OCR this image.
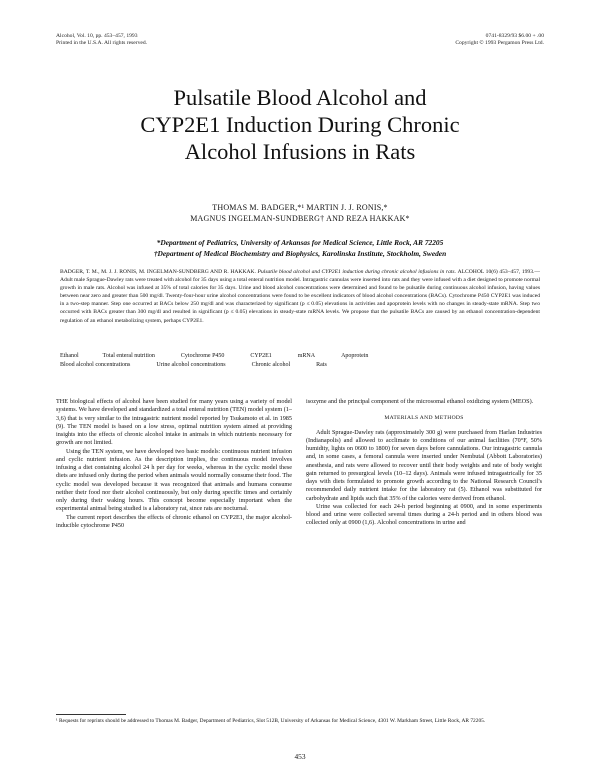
Alcohol, Vol. 10, pp. 453–457, 1993
Printed in the U.S.A. All rights reserved.
0741-8329/93 $6.00 + .00
Copyright © 1993 Pergamon Press Ltd.
Pulsatile Blood Alcohol and
CYP2E1 Induction During Chronic
Alcohol Infusions in Rats
THOMAS M. BADGER,*¹ MARTIN J. J. RONIS,*
MAGNUS INGELMAN-SUNDBERG† AND REZA HAKKAK*
*Department of Pediatrics, University of Arkansas for Medical Science, Little Rock, AR 72205
†Department of Medical Biochemistry and Biophysics, Karolinska Institute, Stockholm, Sweden
BADGER, T. M., M. J. J. RONIS, M. INGELMAN-SUNDBERG AND R. HAKKAK. Pulsatile blood alcohol and CYP2E1 induction during chronic alcohol infusions in rats. ALCOHOL 10(6) 453–457, 1993.—Adult male Sprague-Dawley rats were treated with alcohol for 35 days using a total enteral nutrition model. Intragastric cannulas were inserted into rats and they were infused with a diet designed to promote normal growth in male rats. Alcohol was infused at 35% of total calories for 35 days. Urine and blood alcohol concentrations were determined and found to be pulsatile during continuous alcohol infusion, having values between near zero and greater than 500 mg/dl. Twenty-four-hour urine alcohol concentrations were found to be excellent indicators of blood alcohol concentrations (BACs). Cytochrome P450 CYP2E1 was induced in a two-step manner. Step one occurred at BACs below 250 mg/dl and was characterized by significant (p ≤ 0.05) elevations in activities and apoprotein levels with no changes in steady-state mRNA. Step two occurred with BACs greater than 300 mg/dl and resulted in significant (p ≤ 0.05) elevations in steady-state mRNA levels. We propose that the pulsatile BACs are caused by an ethanol concentration-dependent regulation of an ethanol metabolizing system, perhaps CYP2E1.
Ethanol	Total enteral nutrition	Cytochrome P450	CYP2E1	mRNA	Apoprotein
Blood alcohol concentrations	Urine alcohol concentrations	Chronic alcohol	Rats

THE biological effects of alcohol have been studied for many years using a variety of model systems. We have developed and standardized a total enteral nutrition (TEN) model system (1–3,6) that is very similar to the intragastric nutrient model reported by Tsukamoto et al. in 1985 (9). The TEN model is based on a low stress, optimal nutrition system aimed at providing insights into the effects of chronic alcohol intake in animals in which nutrients necessary for growth are not limited.

Using the TEN system, we have developed two basic models: continuous nutrient infusion and cyclic nutrient infusion. As the description implies, the continuous model involves infusing a diet containing alcohol 24 h per day for weeks, whereas in the cyclic model these diets are infused only during the period when animals would normally consume their food. The cyclic model was developed because it was recognized that animals and humans consume neither their food nor their alcohol continuously, but only during specific times and certainly only during their waking hours. This concept become especially important when the experimental animal being studied is a laboratory rat, since rats are nocturnal.

The current report describes the effects of chronic ethanol on CYP2E1, the major alcohol-inducible cytochrome P450

isozyme and the principal component of the microsomal ethanol oxidizing system (MEOS).

MATERIALS AND METHODS

Adult Sprague-Dawley rats (approximately 300 g) were purchased from Harlan Industries (Indianapolis) and allowed to acclimate to conditions of our animal facilities (70°F, 50% humidity, lights on 0600 to 1800) for seven days before cannulations. Our intragastric cannula and, in some cases, a femoral cannula were inserted under Nembutal (Abbott Laboratories) anesthesia, and rats were allowed to recover until their body weights and rate of body weight gain returned to presurgical levels (10–12 days). Animals were infused intragastrically for 35 days with diets formulated to promote growth according to the National Research Council's recommended daily nutrient intake for the laboratory rat (5). Ethanol was substituted for carbohydrate and lipids such that 35% of the calories were derived from ethanol.

Urine was collected for each 24-h period beginning at 0900, and in some experiments blood and urine were collected several times during a 24-h period and in others blood was collected only at 0900 (1,6). Alcohol concentrations in urine and

¹ Requests for reprints should be addressed to Thomas M. Badger, Department of Pediatrics, Slot 512B, University of Arkansas for Medical Science, 4301 W. Markham Street, Little Rock, AR 72205.
453
